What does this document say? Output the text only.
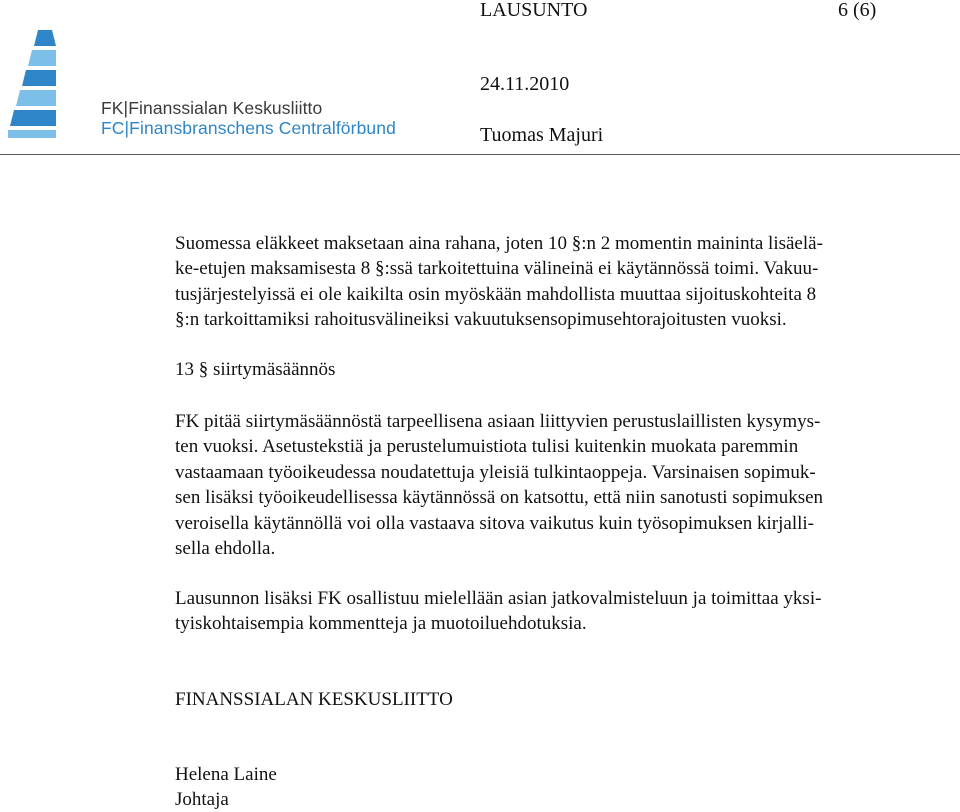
FK|Finanssialan Keskusliitto
FC|Finansbranschens Centralförbund
LAUSUNTO	6 (6)
24.11.2010
Tuomas Majuri
Suomessa eläkkeet maksetaan aina rahana, joten 10 §:n 2 momentin maininta lisäelä-
ke-etujen maksamisesta 8 §:ssä tarkoitettuina välineinä ei käytännössä toimi. Vakuu-
tusjärjestelyissä ei ole kaikilta osin myöskään mahdollista muuttaa sijoituskohteita 8
§:n tarkoittamiksi rahoitusvälineiksi vakuutuksensopimusehtorajoitusten vuoksi.
13 § siirtymäsäännös
FK pitää siirtymäsäännöstä tarpeellisena asiaan liittyvien perustuslaillisten kysymys-
ten vuoksi. Asetustekstiä ja perustelumuistiota tulisi kuitenkin muokata paremmin
vastaamaan työoikeudessa noudatettuja yleisiä tulkintaoppeja. Varsinaisen sopimuk-
sen lisäksi työoikeudellisessa käytännössä on katsottu, että niin sanotusti sopimuksen
veroisella käytännöllä voi olla vastaava sitova vaikutus kuin työsopimuksen kirjalli-
sella ehdolla.
Lausunnon lisäksi FK osallistuu mielellään asian jatkovalmisteluun ja toimittaa yksi-
tyiskohtaisempia kommentteja ja muotoiluehdotuksia.
FINANSSIALAN KESKUSLIITTO
Helena Laine
Johtaja
